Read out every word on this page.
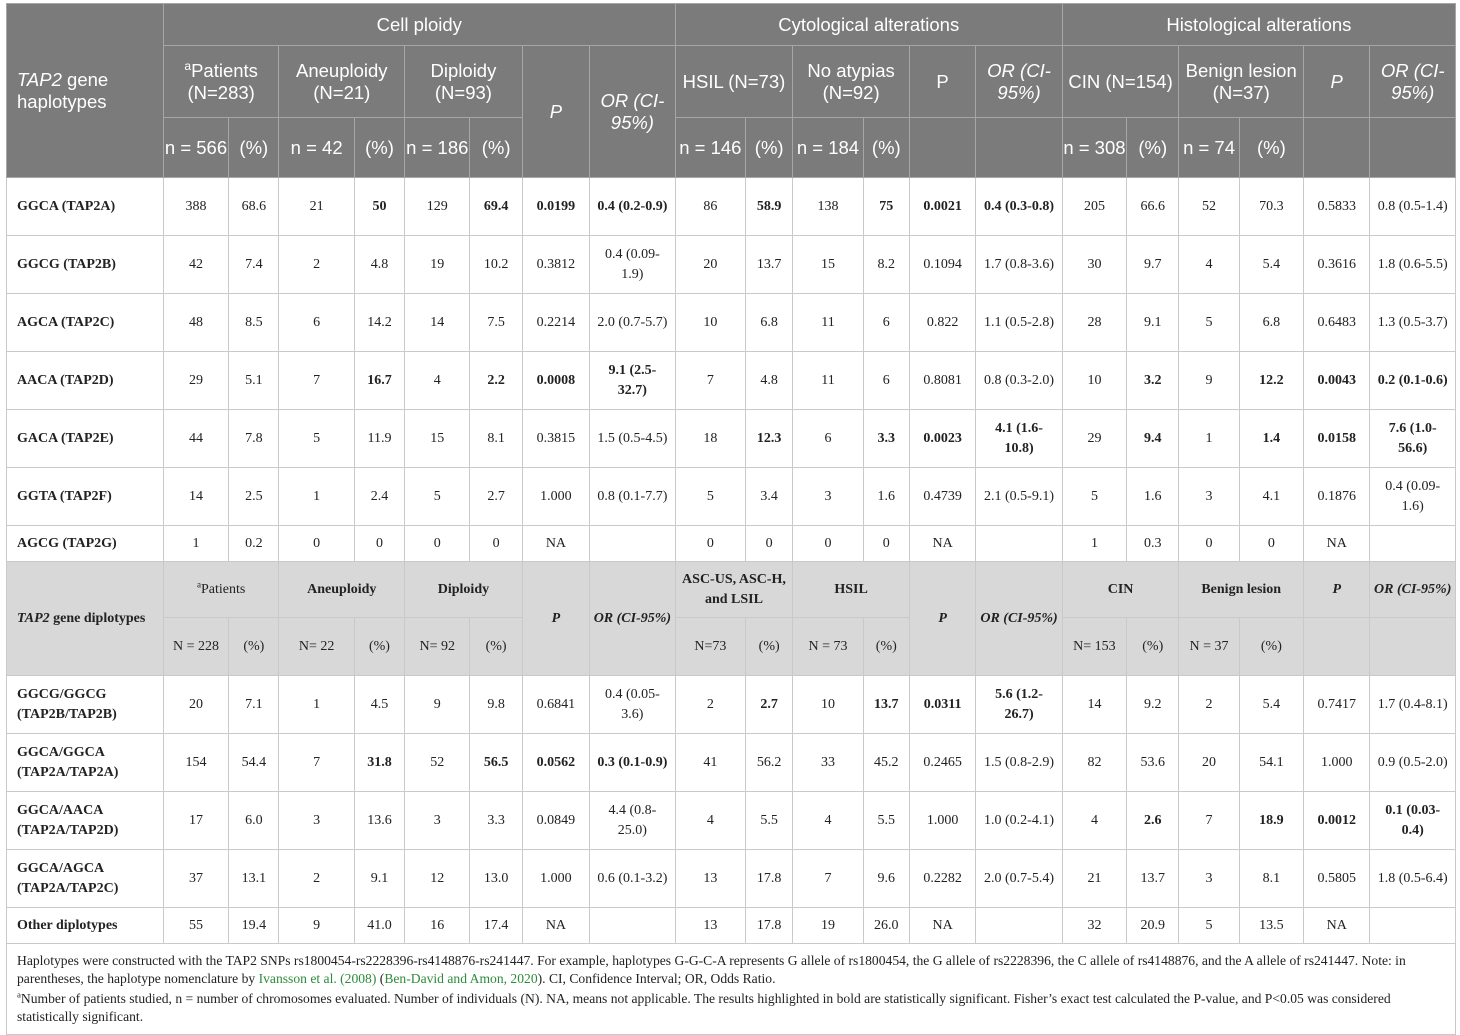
TAP2 gene haplotypes	Cell ploidy								Cytological alterations						Histological alterations					
	$^a$Patients (N=283)		Aneuploidy (N=21)		Diploidy (N=93)		P	OR (CI-95%)	HSIL (N=73)		No atypias (N=92)		P	OR (CI-95%)	CIN (N=154)		Benign lesion (N=37)		P	OR (CI-95%)
	n = 566	(%)	n = 42	(%)	n = 186	(%)			n = 146	(%)	n = 184	(%)			n = 308	(%)	n = 74	(%)		
GGCA (TAP2A)	388	68.6	21	50	129	69.4	0.0199	0.4 (0.2-0.9)	86	58.9	138	75	0.0021	0.4 (0.3-0.8)	205	66.6	52	70.3	0.5833	0.8 (0.5-1.4)
GGCG (TAP2B)	42	7.4	2	4.8	19	10.2	0.3812	0.4 (0.09-1.9)	20	13.7	15	8.2	0.1094	1.7 (0.8-3.6)	30	9.7	4	5.4	0.3616	1.8 (0.6-5.5)
AGCA (TAP2C)	48	8.5	6	14.2	14	7.5	0.2214	2.0 (0.7-5.7)	10	6.8	11	6	0.822	1.1 (0.5-2.8)	28	9.1	5	6.8	0.6483	1.3 (0.5-3.7)
AACA (TAP2D)	29	5.1	7	16.7	4	2.2	0.0008	9.1 (2.5-32.7)	7	4.8	11	6	0.8081	0.8 (0.3-2.0)	10	3.2	9	12.2	0.0043	0.2 (0.1-0.6)
GACA (TAP2E)	44	7.8	5	11.9	15	8.1	0.3815	1.5 (0.5-4.5)	18	12.3	6	3.3	0.0023	4.1 (1.6-10.8)	29	9.4	1	1.4	0.0158	7.6 (1.0-56.6)
GGTA (TAP2F)	14	2.5	1	2.4	5	2.7	1.000	0.8 (0.1-7.7)	5	3.4	3	1.6	0.4739	2.1 (0.5-9.1)	5	1.6	3	4.1	0.1876	0.4 (0.09-1.6)
AGCG (TAP2G)	1	0.2	0	0	0	0	NA		0	0	0	0	NA		1	0.3	0	0	NA	
TAP2 gene diplotypes	$^a$Patients		Aneuploidy		Diploidy		P	OR (CI-95%)	ASC-US, ASC-H, and LSIL		HSIL		P	OR (CI-95%)	CIN		Benign lesion		P	OR (CI-95%)
	N = 228	(%)	N= 22	(%)	N= 92	(%)			N=73	(%)	N = 73	(%)			N= 153	(%)	N = 37	(%)		
GGCG/GGCG (TAP2B/TAP2B)	20	7.1	1	4.5	9	9.8	0.6841	0.4 (0.05-3.6)	2	2.7	10	13.7	0.0311	5.6 (1.2-26.7)	14	9.2	2	5.4	0.7417	1.7 (0.4-8.1)
GGCA/GGCA (TAP2A/TAP2A)	154	54.4	7	31.8	52	56.5	0.0562	0.3 (0.1-0.9)	41	56.2	33	45.2	0.2465	1.5 (0.8-2.9)	82	53.6	20	54.1	1.000	0.9 (0.5-2.0)
GGCA/AACA (TAP2A/TAP2D)	17	6.0	3	13.6	3	3.3	0.0849	4.4 (0.8-25.0)	4	5.5	4	5.5	1.000	1.0 (0.2-4.1)	4	2.6	7	18.9	0.0012	0.1 (0.03-0.4)
GGCA/AGCA (TAP2A/TAP2C)	37	13.1	2	9.1	12	13.0	1.000	0.6 (0.1-3.2)	13	17.8	7	9.6	0.2282	2.0 (0.7-5.4)	21	13.7	3	8.1	0.5805	1.8 (0.5-6.4)
Other diplotypes	55	19.4	9	41.0	16	17.4	NA		13	17.8	19	26.0	NA		32	20.9	5	13.5	NA	

Haplotypes were constructed with the TAP2 SNPs rs1800454-rs2228396-rs4148876-rs241447. For example, haplotypes G-G-C-A represents G allele of rs1800454, the G allele of rs2228396, the C allele of rs4148876, and the A allele of rs241447. Note: in parentheses, the haplotype nomenclature by Ivansson et al. (2008) (Ben-David and Amon, 2020). CI, Confidence Interval; OR, Odds Ratio.

$^a$Number of patients studied, n = number of chromosomes evaluated. Number of individuals (N). NA, means not applicable. The results highlighted in bold are statistically significant. Fisher’s exact test calculated the P-value, and P<0.05 was considered statistically significant.
